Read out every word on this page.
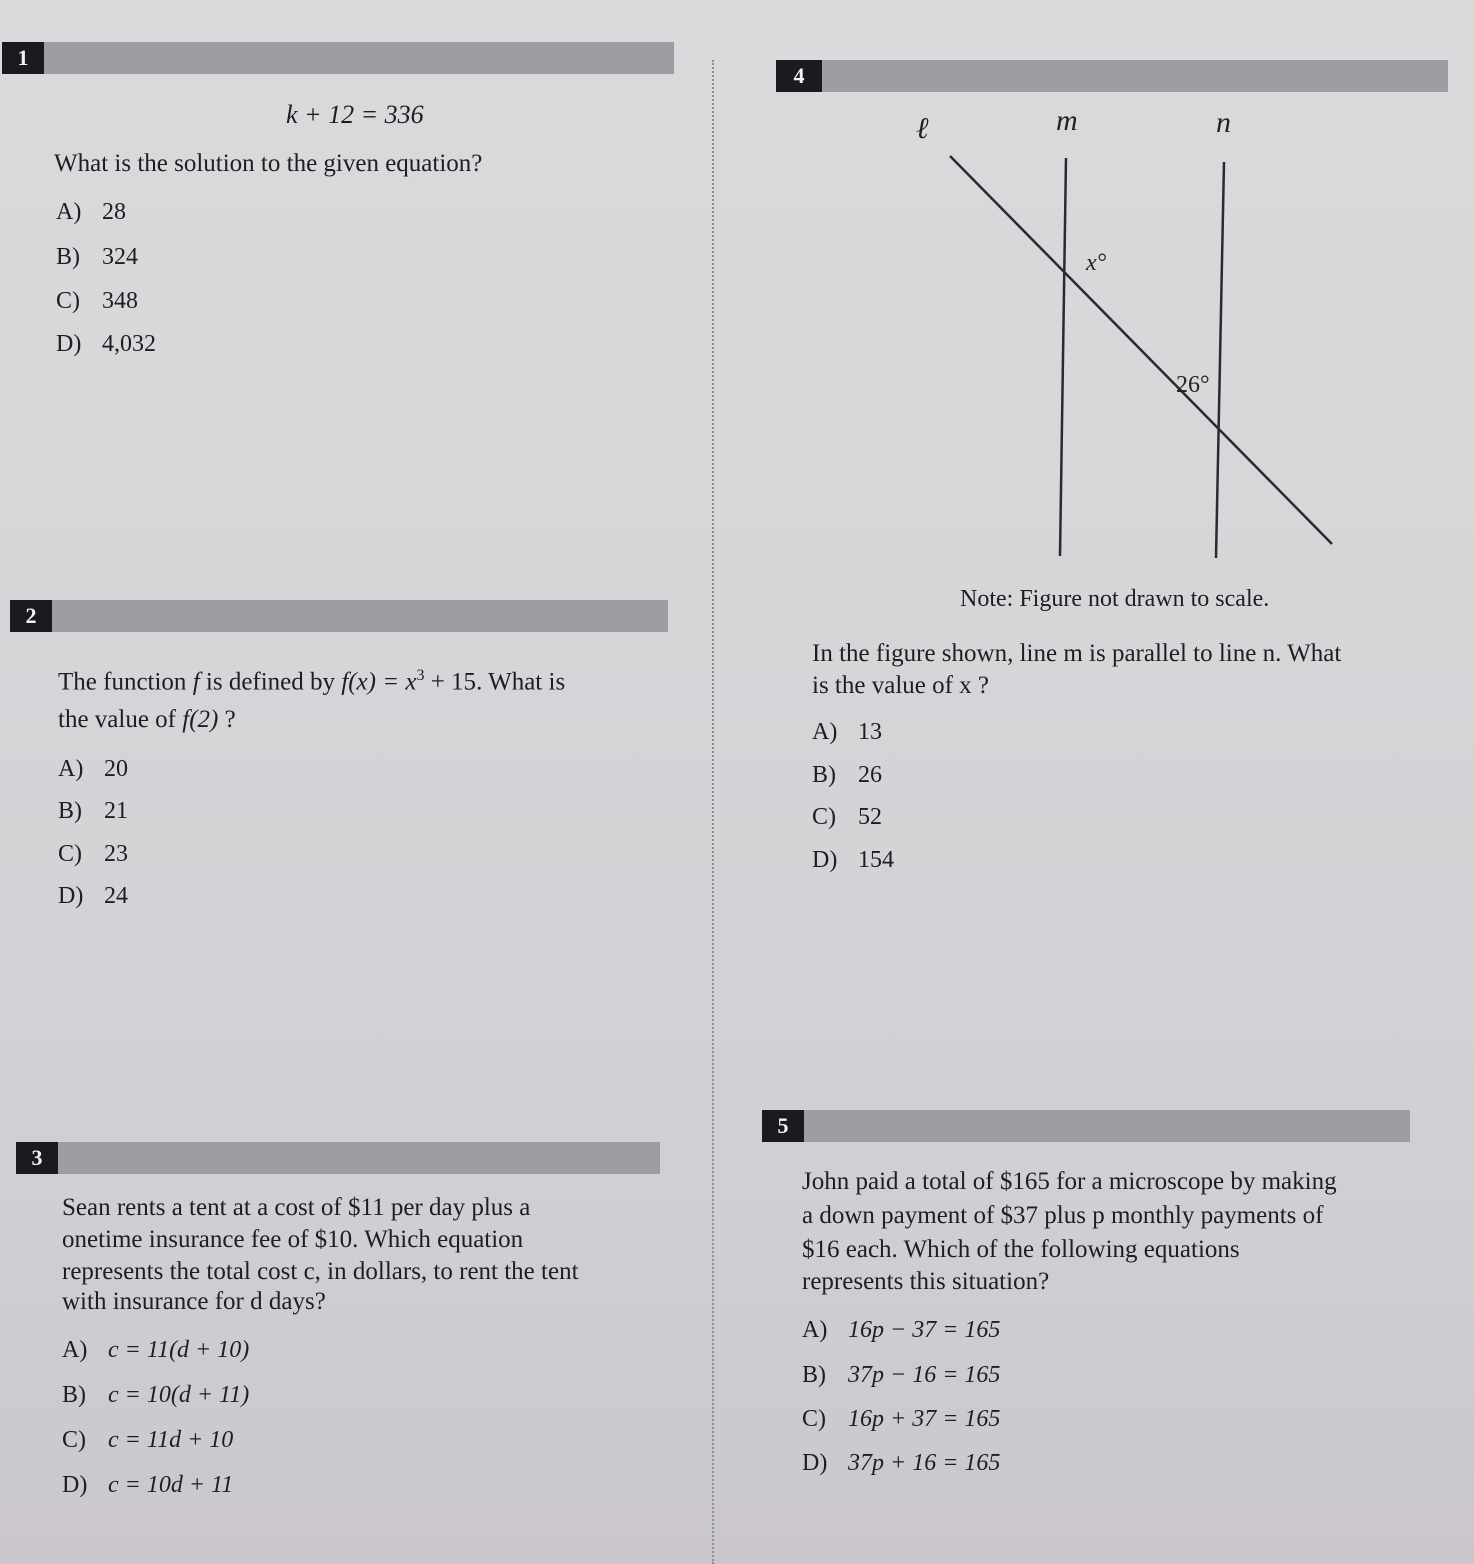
1
k + 12 = 336
What is the solution to the given equation?
A) 28
B) 324
C) 348
D) 4,032
2
The function f is defined by $f(x) = x^3 + 15$. What is
the value of f(2) ?
A) 20
B) 21
C) 23
D) 24
3
Sean rents a tent at a cost of $11 per day plus a
onetime insurance fee of $10. Which equation
represents the total cost c, in dollars, to rent the tent
with insurance for d days?
A) c = 11(d + 10)
B) c = 10(d + 11)
C) c = 11d + 10
D) c = 10d + 11
4
ℓ	m	n
x°
26°
Note: Figure not drawn to scale.
In the figure shown, line m is parallel to line n. What
is the value of x ?
A) 13
B) 26
C) 52
D) 154
5
John paid a total of $165 for a microscope by making
a down payment of $37 plus p monthly payments of
$16 each. Which of the following equations
represents this situation?
A) 16p − 37 = 165
B) 37p − 16 = 165
C) 16p + 37 = 165
D) 37p + 16 = 165
